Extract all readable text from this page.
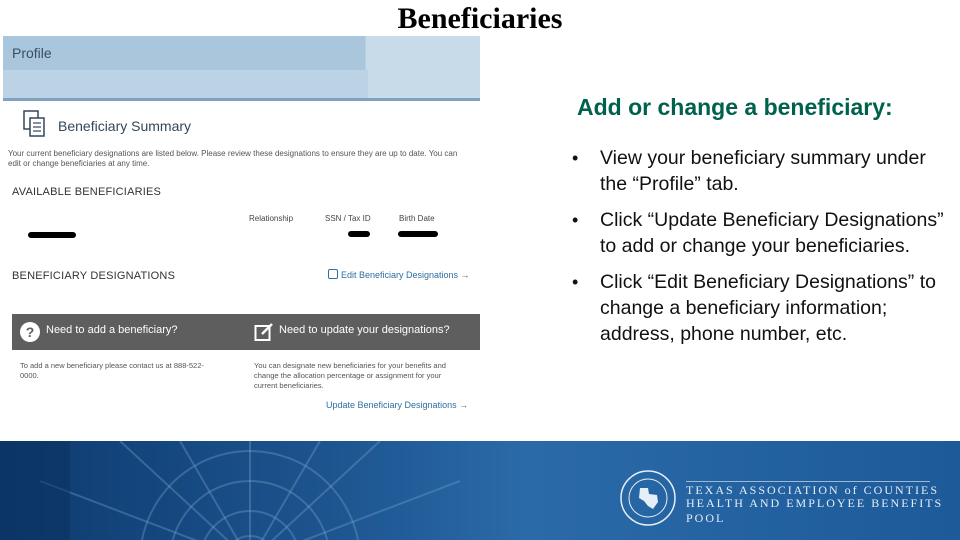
Beneficiaries
Profile
Beneficiary Summary
Your current beneficiary designations are listed below. Please review these designations to ensure they are up to date. You can edit or change beneficiaries at any time.
AVAILABLE BENEFICIARIES
Relationship	SSN / Tax ID	Birth Date
BENEFICIARY DESIGNATIONS	Edit Beneficiary Designations →
?	Need to add a beneficiary?	Need to update your designations?
To add a new beneficiary please contact us at 888-522-0000.
You can designate new beneficiaries for your benefits and change the allocation percentage or assignment for your current beneficiaries.
Update Beneficiary Designations →
Add or change a beneficiary:
• View your beneficiary summary under the “Profile” tab.
• Click “Update Beneficiary Designations” to add or change your beneficiaries.
• Click “Edit Beneficiary Designations” to change a beneficiary information; address, phone number, etc.
TEXAS ASSOCIATION of COUNTIES
HEALTH AND EMPLOYEE BENEFITS POOL
